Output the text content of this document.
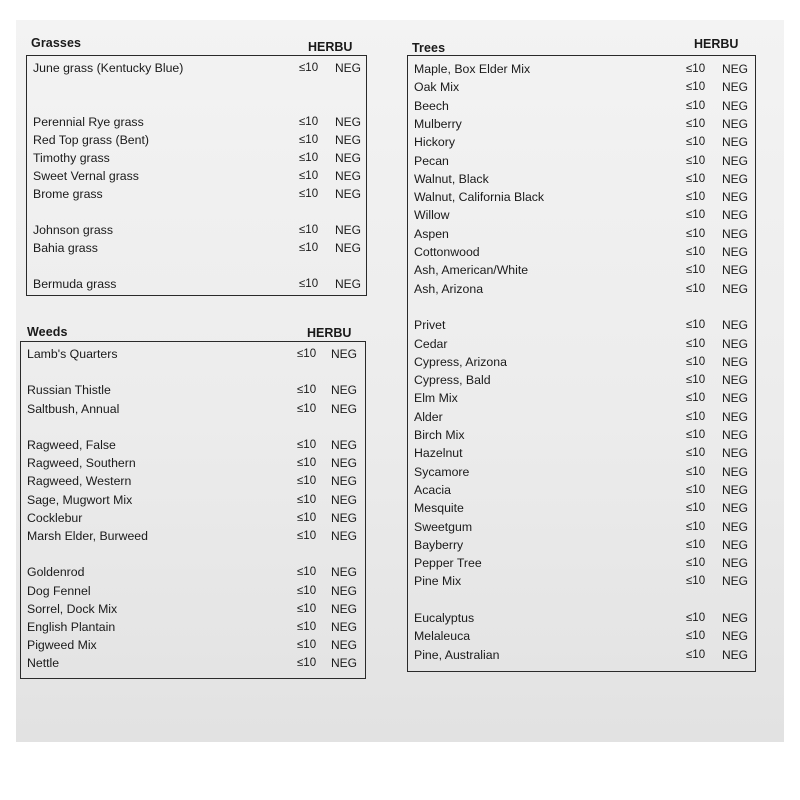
Grasses	HERBU
June grass (Kentucky Blue)	≤10 NEG
Perennial Rye grass	≤10 NEG
Red Top grass (Bent)	≤10 NEG
Timothy grass	≤10 NEG
Sweet Vernal grass	≤10 NEG
Brome grass	≤10 NEG
Johnson grass	≤10 NEG
Bahia grass	≤10 NEG
Bermuda grass	≤10 NEG
Weeds	HERBU
Lamb's Quarters	≤10 NEG
Russian Thistle	≤10 NEG
Saltbush, Annual	≤10 NEG
Ragweed, False	≤10 NEG
Ragweed, Southern	≤10 NEG
Ragweed, Western	≤10 NEG
Sage, Mugwort Mix	≤10 NEG
Cocklebur	≤10 NEG
Marsh Elder, Burweed	≤10 NEG
Goldenrod	≤10 NEG
Dog Fennel	≤10 NEG
Sorrel, Dock Mix	≤10 NEG
English Plantain	≤10 NEG
Pigweed Mix	≤10 NEG
Nettle	≤10 NEG
Trees	HERBU
Maple, Box Elder Mix	≤10 NEG
Oak Mix	≤10 NEG
Beech	≤10 NEG
Mulberry	≤10 NEG
Hickory	≤10 NEG
Pecan	≤10 NEG
Walnut, Black	≤10 NEG
Walnut, California Black	≤10 NEG
Willow	≤10 NEG
Aspen	≤10 NEG
Cottonwood	≤10 NEG
Ash, American/White	≤10 NEG
Ash, Arizona	≤10 NEG
Privet	≤10 NEG
Cedar	≤10 NEG
Cypress, Arizona	≤10 NEG
Cypress, Bald	≤10 NEG
Elm Mix	≤10 NEG
Alder	≤10 NEG
Birch Mix	≤10 NEG
Hazelnut	≤10 NEG
Sycamore	≤10 NEG
Acacia	≤10 NEG
Mesquite	≤10 NEG
Sweetgum	≤10 NEG
Bayberry	≤10 NEG
Pepper Tree	≤10 NEG
Pine Mix	≤10 NEG
Eucalyptus	≤10 NEG
Melaleuca	≤10 NEG
Pine, Australian	≤10 NEG
